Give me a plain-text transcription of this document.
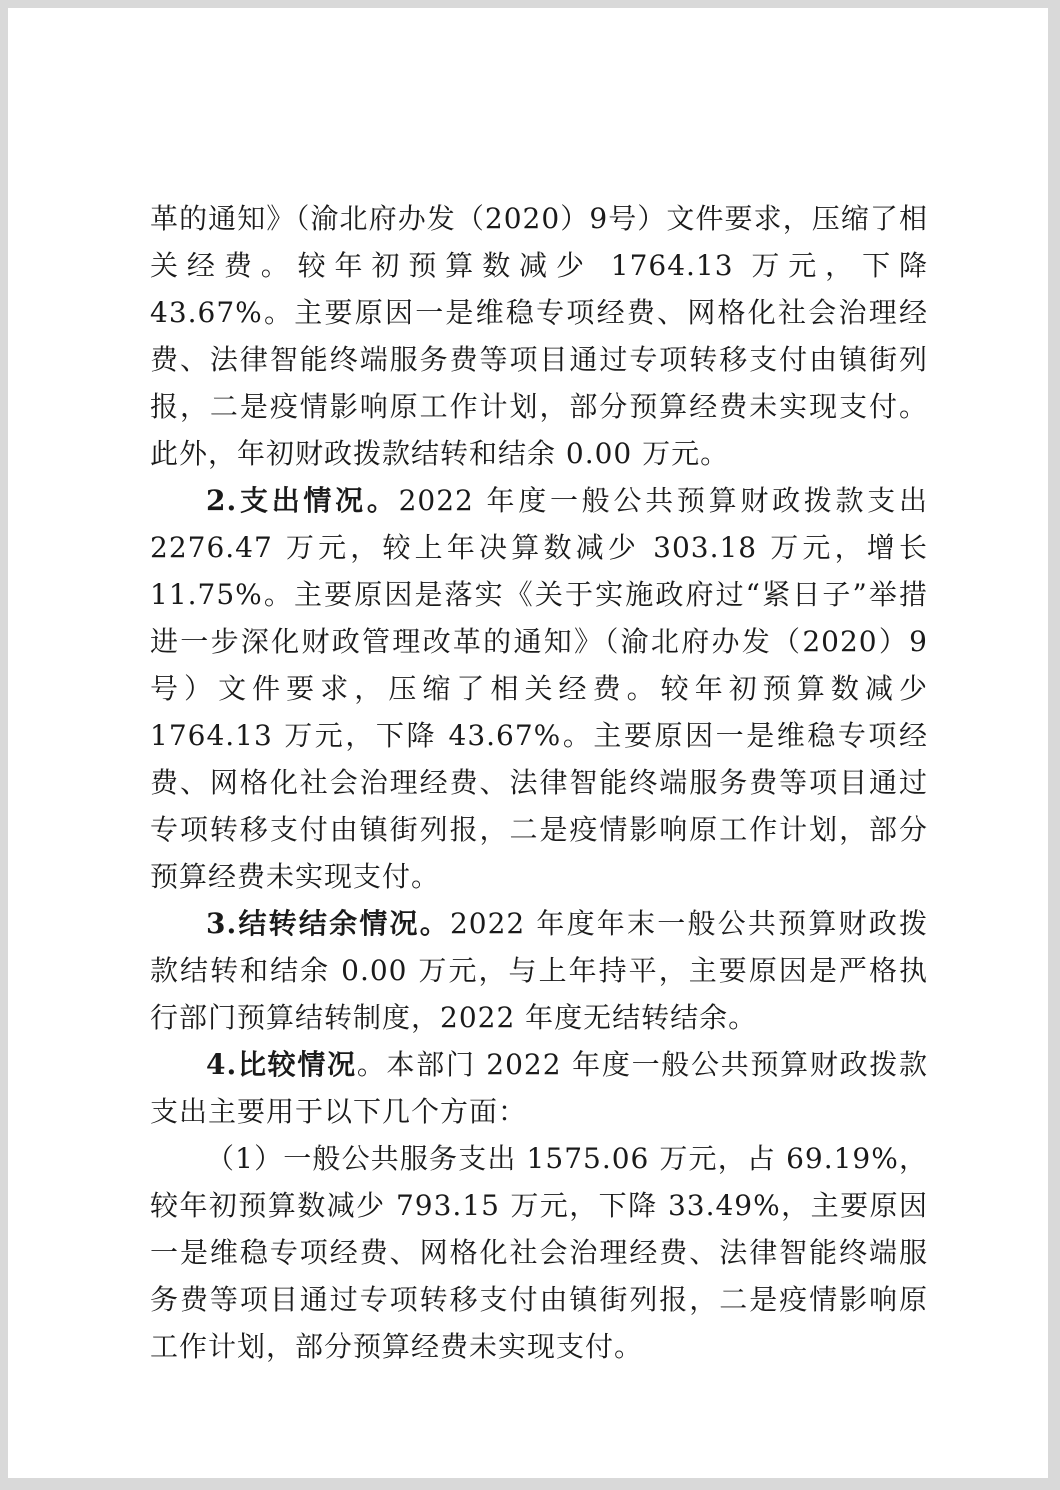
革的通知》（渝北府办发（2020）9号）文件要求，压缩了相关经费。较年初预算数减少 1764.13 万元，下降 43.67%。主要原因一是维稳专项经费、网格化社会治理经费、法律智能终端服务费等项目通过专项转移支付由镇街列报，二是疫情影响原工作计划，部分预算经费未实现支付。此外，年初财政拨款结转和结余 0.00 万元。

2.支出情况。2022 年度一般公共预算财政拨款支出 2276.47 万元，较上年决算数减少 303.18 万元，增长 11.75%。主要原因是落实《关于实施政府过“紧日子”举措进一步深化财政管理改革的通知》（渝北府办发（2020）9号）文件要求，压缩了相关经费。较年初预算数减少 1764.13 万元，下降 43.67%。主要原因一是维稳专项经费、网格化社会治理经费、法律智能终端服务费等项目通过专项转移支付由镇街列报，二是疫情影响原工作计划，部分预算经费未实现支付。

3.结转结余情况。2022 年度年末一般公共预算财政拨款结转和结余 0.00 万元，与上年持平，主要原因是严格执行部门预算结转制度，2022 年度无结转结余。

4.比较情况。本部门 2022 年度一般公共预算财政拨款支出主要用于以下几个方面：

（1）一般公共服务支出 1575.06 万元，占 69.19%，较年初预算数减少 793.15 万元，下降 33.49%，主要原因一是维稳专项经费、网格化社会治理经费、法律智能终端服务费等项目通过专项转移支付由镇街列报，二是疫情影响原工作计划，部分预算经费未实现支付。
